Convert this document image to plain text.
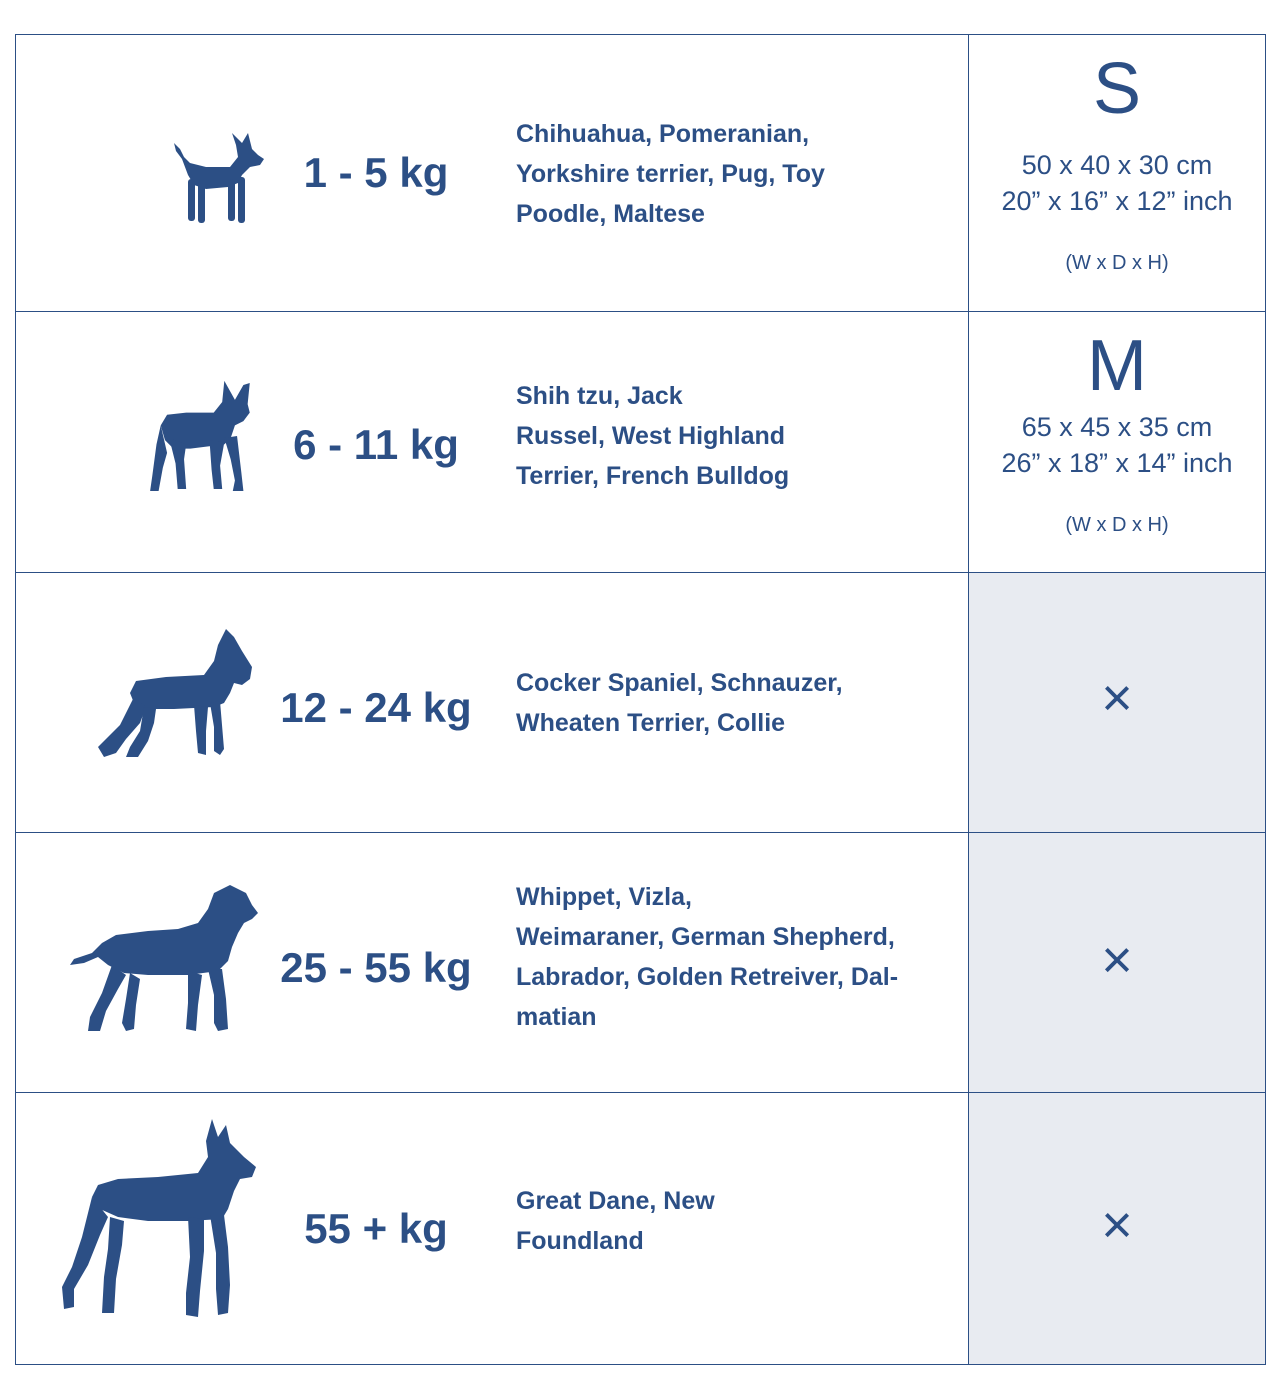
1 - 5 kg
Chihuahua, Pomeranian,
Yorkshire terrier, Pug, Toy
Poodle, Maltese
S
50 x 40 x 30 cm
20” x 16” x 12” inch
(W x D x H)
6 - 11 kg
Shih tzu, Jack
Russel, West Highland
Terrier, French Bulldog
M
65 x 45 x 35 cm
26” x 18” x 14” inch
(W x D x H)
12 - 24 kg
Cocker Spaniel, Schnauzer,
Wheaten Terrier, Collie	×
25 - 55 kg
Whippet, Vizla,
Weimaraner, German Shepherd,
Labrador, Golden Retreiver, Dal-
matian
×
55 + kg
Great Dane, New
Foundland	×
